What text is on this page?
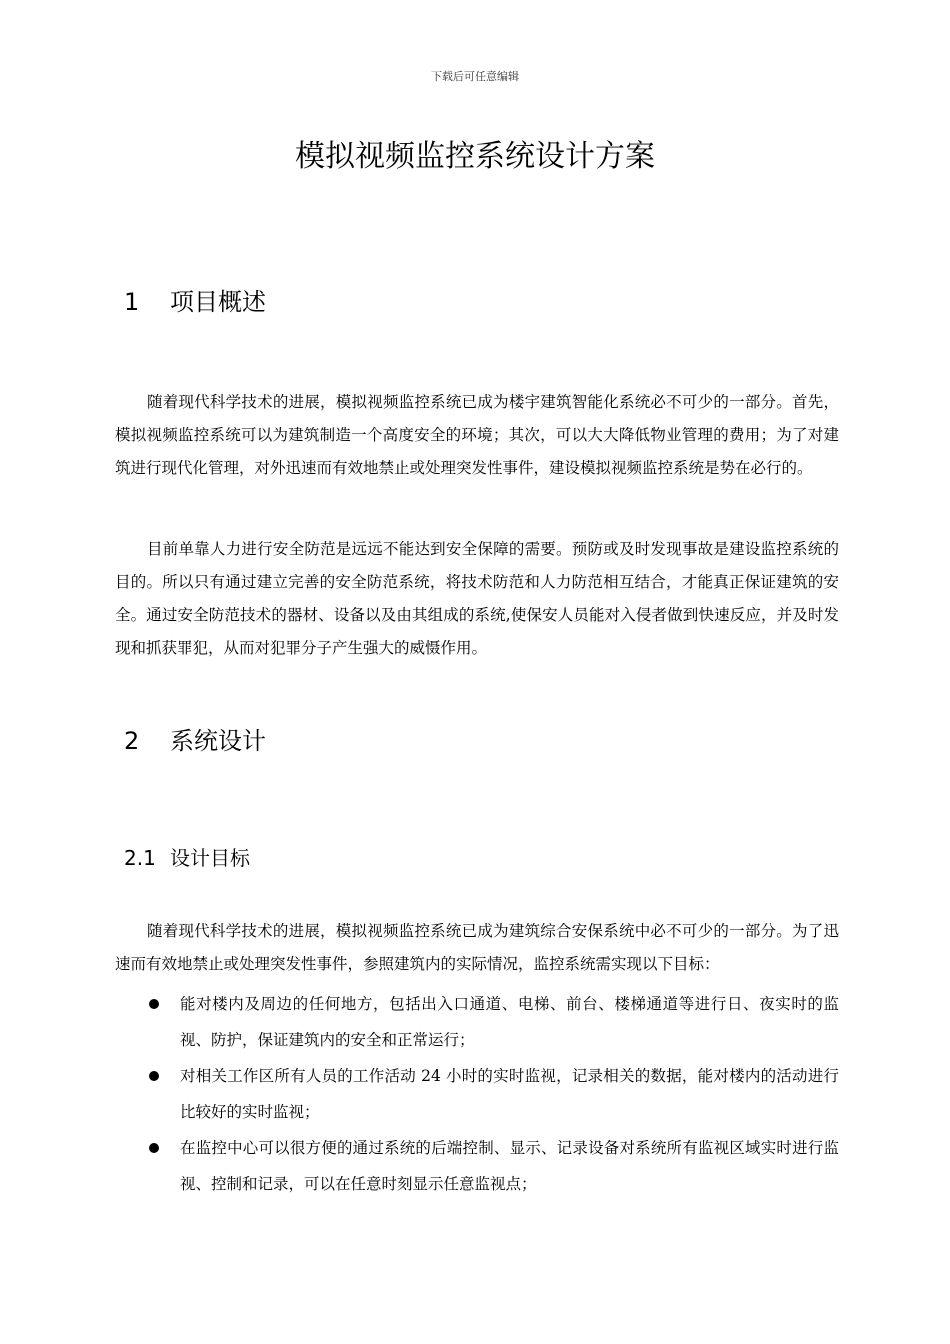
下载后可任意编辑
模拟视频监控系统设计方案
1 项目概述

随着现代科学技术的进展，模拟视频监控系统已成为楼宇建筑智能化系统必不可少的一部分。首先，模拟视频监控系统可以为建筑制造一个高度安全的环境；其次，可以大大降低物业管理的费用；为了对建筑进行现代化管理，对外迅速而有效地禁止或处理突发性事件，建设模拟视频监控系统是势在必行的。

目前单靠人力进行安全防范是远远不能达到安全保障的需要。预防或及时发现事故是建设监控系统的目的。所以只有通过建立完善的安全防范系统，将技术防范和人力防范相互结合，才能真正保证建筑的安全。通过安全防范技术的器材、设备以及由其组成的系统,使保安人员能对入侵者做到快速反应，并及时发现和抓获罪犯，从而对犯罪分子产生强大的威慑作用。

2 系统设计
2.1 设计目标

随着现代科学技术的进展，模拟视频监控系统已成为建筑综合安保系统中必不可少的一部分。为了迅速而有效地禁止或处理突发性事件，参照建筑内的实际情况，监控系统需实现以下目标：

能对楼内及周边的任何地方，包括出入口通道、电梯、前台、楼梯通道等进行日、夜实时的监视、防护，保证建筑内的安全和正常运行；
对相关工作区所有人员的工作活动 24 小时的实时监视，记录相关的数据，能对楼内的活动进行比较好的实时监视；
在监控中心可以很方便的通过系统的后端控制、显示、记录设备对系统所有监视区域实时进行监视、控制和记录，可以在任意时刻显示任意监视点；
